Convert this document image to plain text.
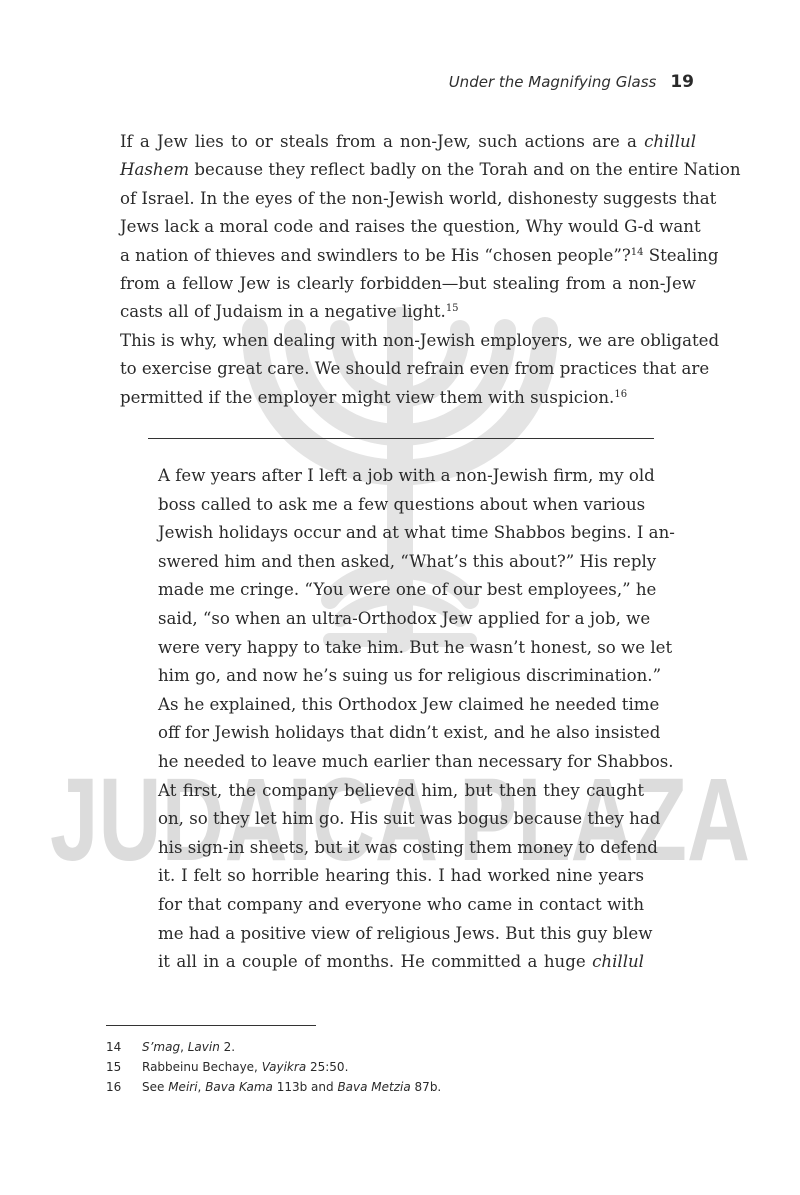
JUDAICA PLAZA
Under the Magnifying Glass 19

If a Jew lies to or steals from a non-Jew, such actions are a chillul
Hashem because they reflect badly on the Torah and on the entire Nation
of Israel. In the eyes of the non-Jewish world, dishonesty suggests that
Jews lack a moral code and raises the question, Why would G-d want
a nation of thieves and swindlers to be His “chosen people”?$^{14}$ Stealing
from a fellow Jew is clearly forbidden—but stealing from a non-Jew
casts all of Judaism in a negative light.$^{15}$

This is why, when dealing with non-Jewish employers, we are obligated
to exercise great care. We should refrain even from practices that are
permitted if the employer might view them with suspicion.$^{16}$

A few years after I left a job with a non-Jewish firm, my old
boss called to ask me a few questions about when various
Jewish holidays occur and at what time Shabbos begins. I an-
swered him and then asked, “What’s this about?” His reply
made me cringe. “You were one of our best employees,” he
said, “so when an ultra-Orthodox Jew applied for a job, we
were very happy to take him. But he wasn’t honest, so we let
him go, and now he’s suing us for religious discrimination.”
As he explained, this Orthodox Jew claimed he needed time
off for Jewish holidays that didn’t exist, and he also insisted
he needed to leave much earlier than necessary for Shabbos.
At first, the company believed him, but then they caught
on, so they let him go. His suit was bogus because they had
his sign-in sheets, but it was costing them money to defend
it. I felt so horrible hearing this. I had worked nine years
for that company and everyone who came in contact with
me had a positive view of religious Jews. But this guy blew
it all in a couple of months. He committed a huge chillul
14	S’mag, Lavin 2.
15	Rabbeinu Bechaye, Vayikra 25:50.
16	See Meiri, Bava Kama 113b and Bava Metzia 87b.
